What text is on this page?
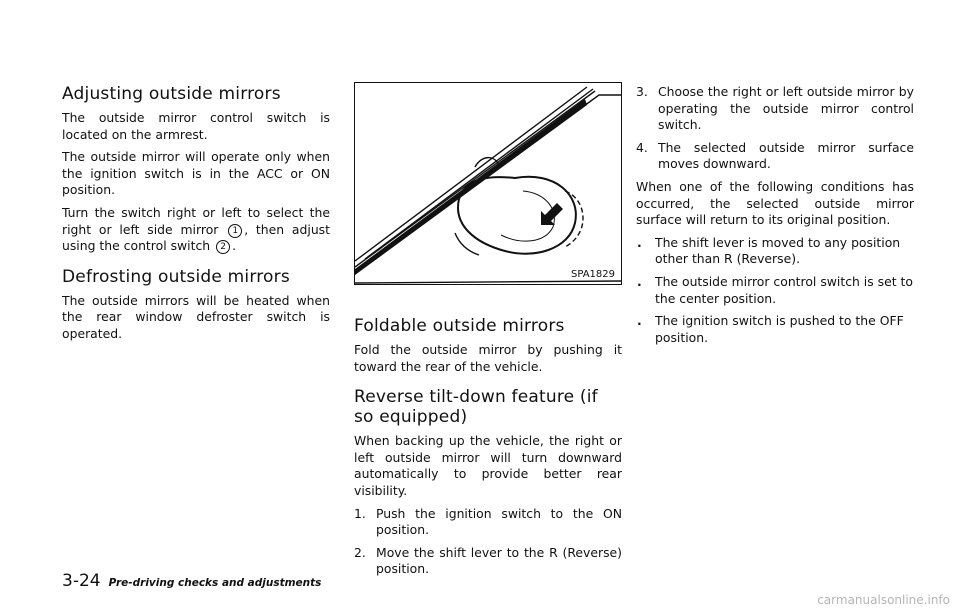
Adjusting outside mirrors

The outside mirror control switch is located on the armrest.

The outside mirror will operate only when the ignition switch is in the ACC or ON position.

Turn the switch right or left to select the right or left side mirror 1 , then adjust using the control switch 2 .

Defrosting outside mirrors

The outside mirrors will be heated when the rear window defroster switch is operated.

SPA1829
Foldable outside mirrors

Fold the outside mirror by pushing it toward the rear of the vehicle.

Reverse tilt-down feature (if so equipped)

When backing up the vehicle, the right or left outside mirror will turn downward automatically to provide better rear visibility.

1. Push the ignition switch to the ON position.
2. Move the shift lever to the R (Reverse) position.
3. Choose the right or left outside mirror by operating the outside mirror control switch.
4. The selected outside mirror surface moves downward.

When one of the following conditions has occurred, the selected outside mirror surface will return to its original position.

.	The shift lever is moved to any position other than R (Reverse).
.	The outside mirror control switch is set to the center position.
.	The ignition switch is pushed to the OFF position.
3-24 Pre-driving checks and adjustments
carmanualsonline.info
